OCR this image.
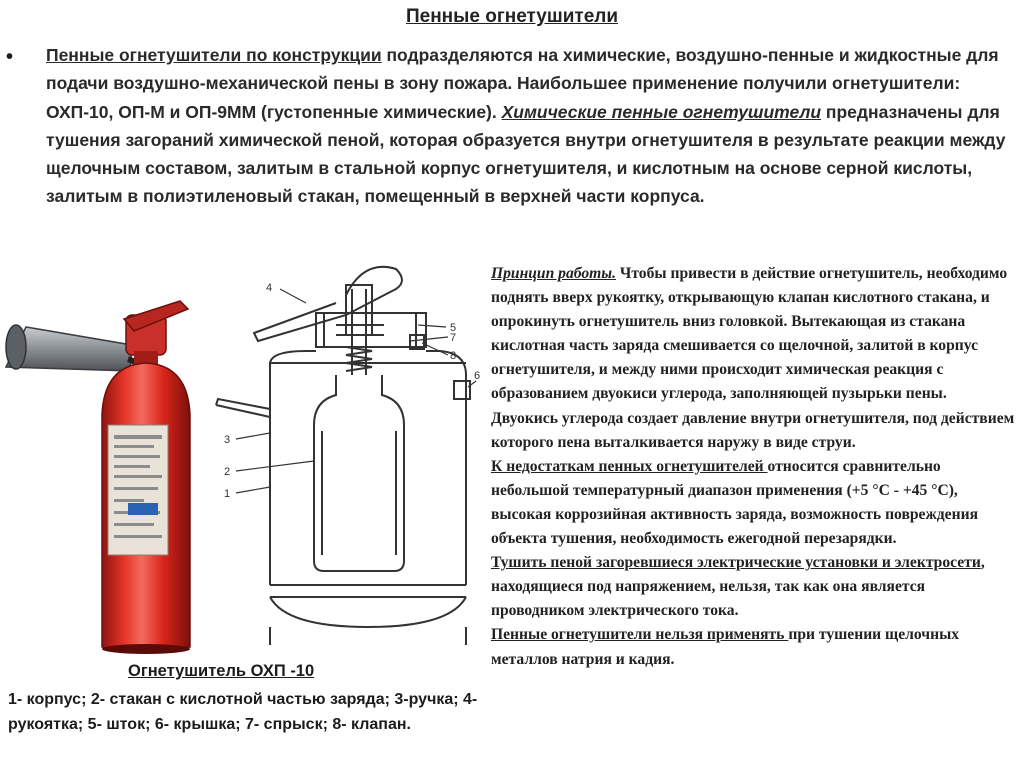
Пенные огнетушители
• Пенные огнетушители по конструкции подразделяются на химические, воздушно-пенные и жидкостные для подачи воздушно-механической пены в зону пожара. Наибольшее применение получили огнетушители: ОХП-10, ОП-М и ОП-9ММ (густопенные химические). Химические пенные огнетушители предназначены для тушения загораний химической пеной, которая образуется внутри огнетушителя в результате реакции между щелочным составом, залитым в стальной корпус огнетушителя, и кислотным на основе серной кислоты, залитым в полиэтиленовый стакан, помещенный в верхней части корпуса.
4
5
7
8
6
3
2
1
Огнетушитель ОХП -10
1- корпус; 2- стакан с кислотной частью заряда; 3-ручка; 4- рукоятка; 5- шток; 6- крышка; 7- спрыск; 8- клапан.

Принцип работы. Чтобы привести в действие огнетушитель, необходимо поднять вверх рукоятку, открывающую клапан кислотного стакана, и опрокинуть огнетушитель вниз головкой. Вытекающая из стакана кислотная часть заряда смешивается со щелочной, залитой в корпус огнетушителя, и между ними происходит химическая реакция с образованием двуокиси углерода, заполняющей пузырьки пены. Двуокись углерода создает давление внутри огнетушителя, под действием которого пена выталкивается наружу в виде струи.

К недостаткам пенных огнетушителей относится сравнительно небольшой температурный диапазон применения (+5 °С - +45 °С), высокая коррозийная активность заряда, возможность повреждения объекта тушения, необходимость ежегодной перезарядки.

Тушить пеной загоревшиеся электрические установки и электросети, находящиеся под напряжением, нельзя, так как она является проводником электрического тока.

Пенные огнетушители нельзя применять при тушении щелочных металлов натрия и кадия.
